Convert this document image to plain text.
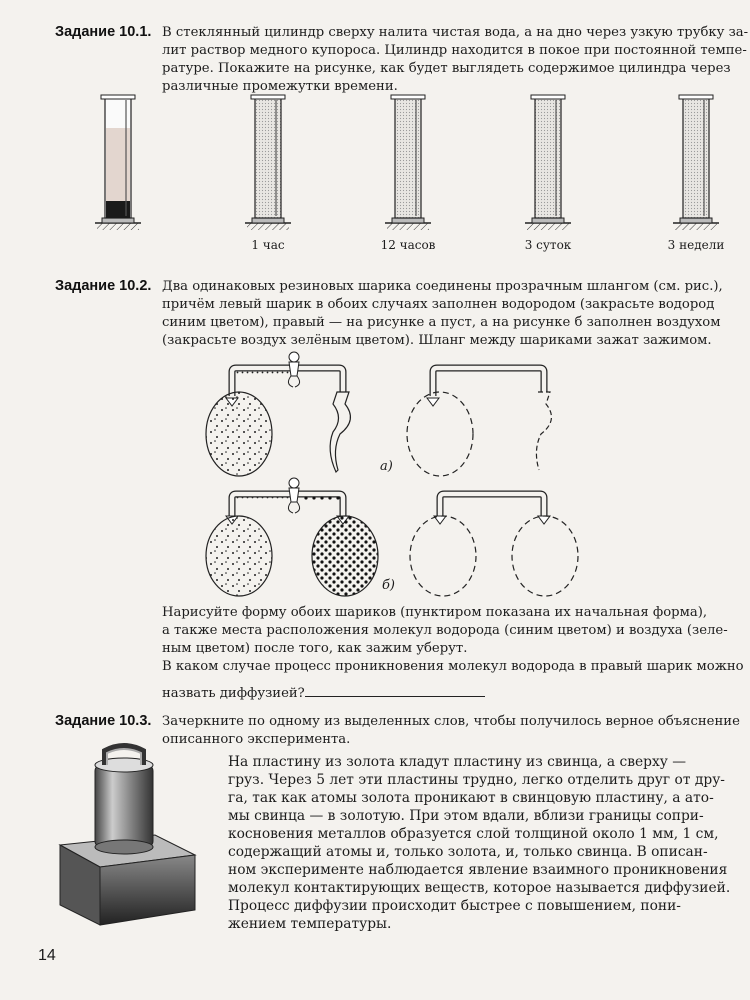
Задание 10.1. В стеклянный цилиндр сверху налита чистая вода, а на дно через узкую трубку за-
лит раствор медного купороса. Цилиндр находится в покое при постоянной темпе-
ратуре. Покажите на рисунке, как будет выглядеть содержимое цилиндра через
различные промежутки времени.
1 час	12 часов	3 суток	3 недели
Задание 10.2. Два одинаковых резиновых шарика соединены прозрачным шлангом (см. рис.),
причём левый шарик в обоих случаях заполнен водородом (закрасьте водород
синим цветом), правый — на рисунке а пуст, а на рисунке б заполнен воздухом
(закрасьте воздух зелёным цветом). Шланг между шариками зажат зажимом.
а)
б)
Нарисуйте форму обоих шариков (пунктиром показана их начальная форма),
а также места расположения молекул водорода (синим цветом) и воздуха (зеле-
ным цветом) после того, как зажим уберут.
В каком случае процесс проникновения молекул водорода в правый шарик можно
назвать диффузией?
Задание 10.3. Зачеркните по одному из выделенных слов, чтобы получилось верное объяснение
описанного эксперимента.
На пластину из золота кладут пластину из свинца, а сверху —
груз. Через 5 лет эти пластины трудно, легко отделить друг от дру-
га, так как атомы золота проникают в свинцовую пластину, а ато-
мы свинца — в золотую. При этом вдали, вблизи границы сопри-
косновения металлов образуется слой толщиной около 1 мм, 1 см,
содержащий атомы и, только золота, и, только свинца. В описан-
ном эксперименте наблюдается явление взаимного проникновения
молекул контактирующих веществ, которое называется диффузией.
Процесс диффузии происходит быстрее с повышением, пони-
жением температуры.
14
